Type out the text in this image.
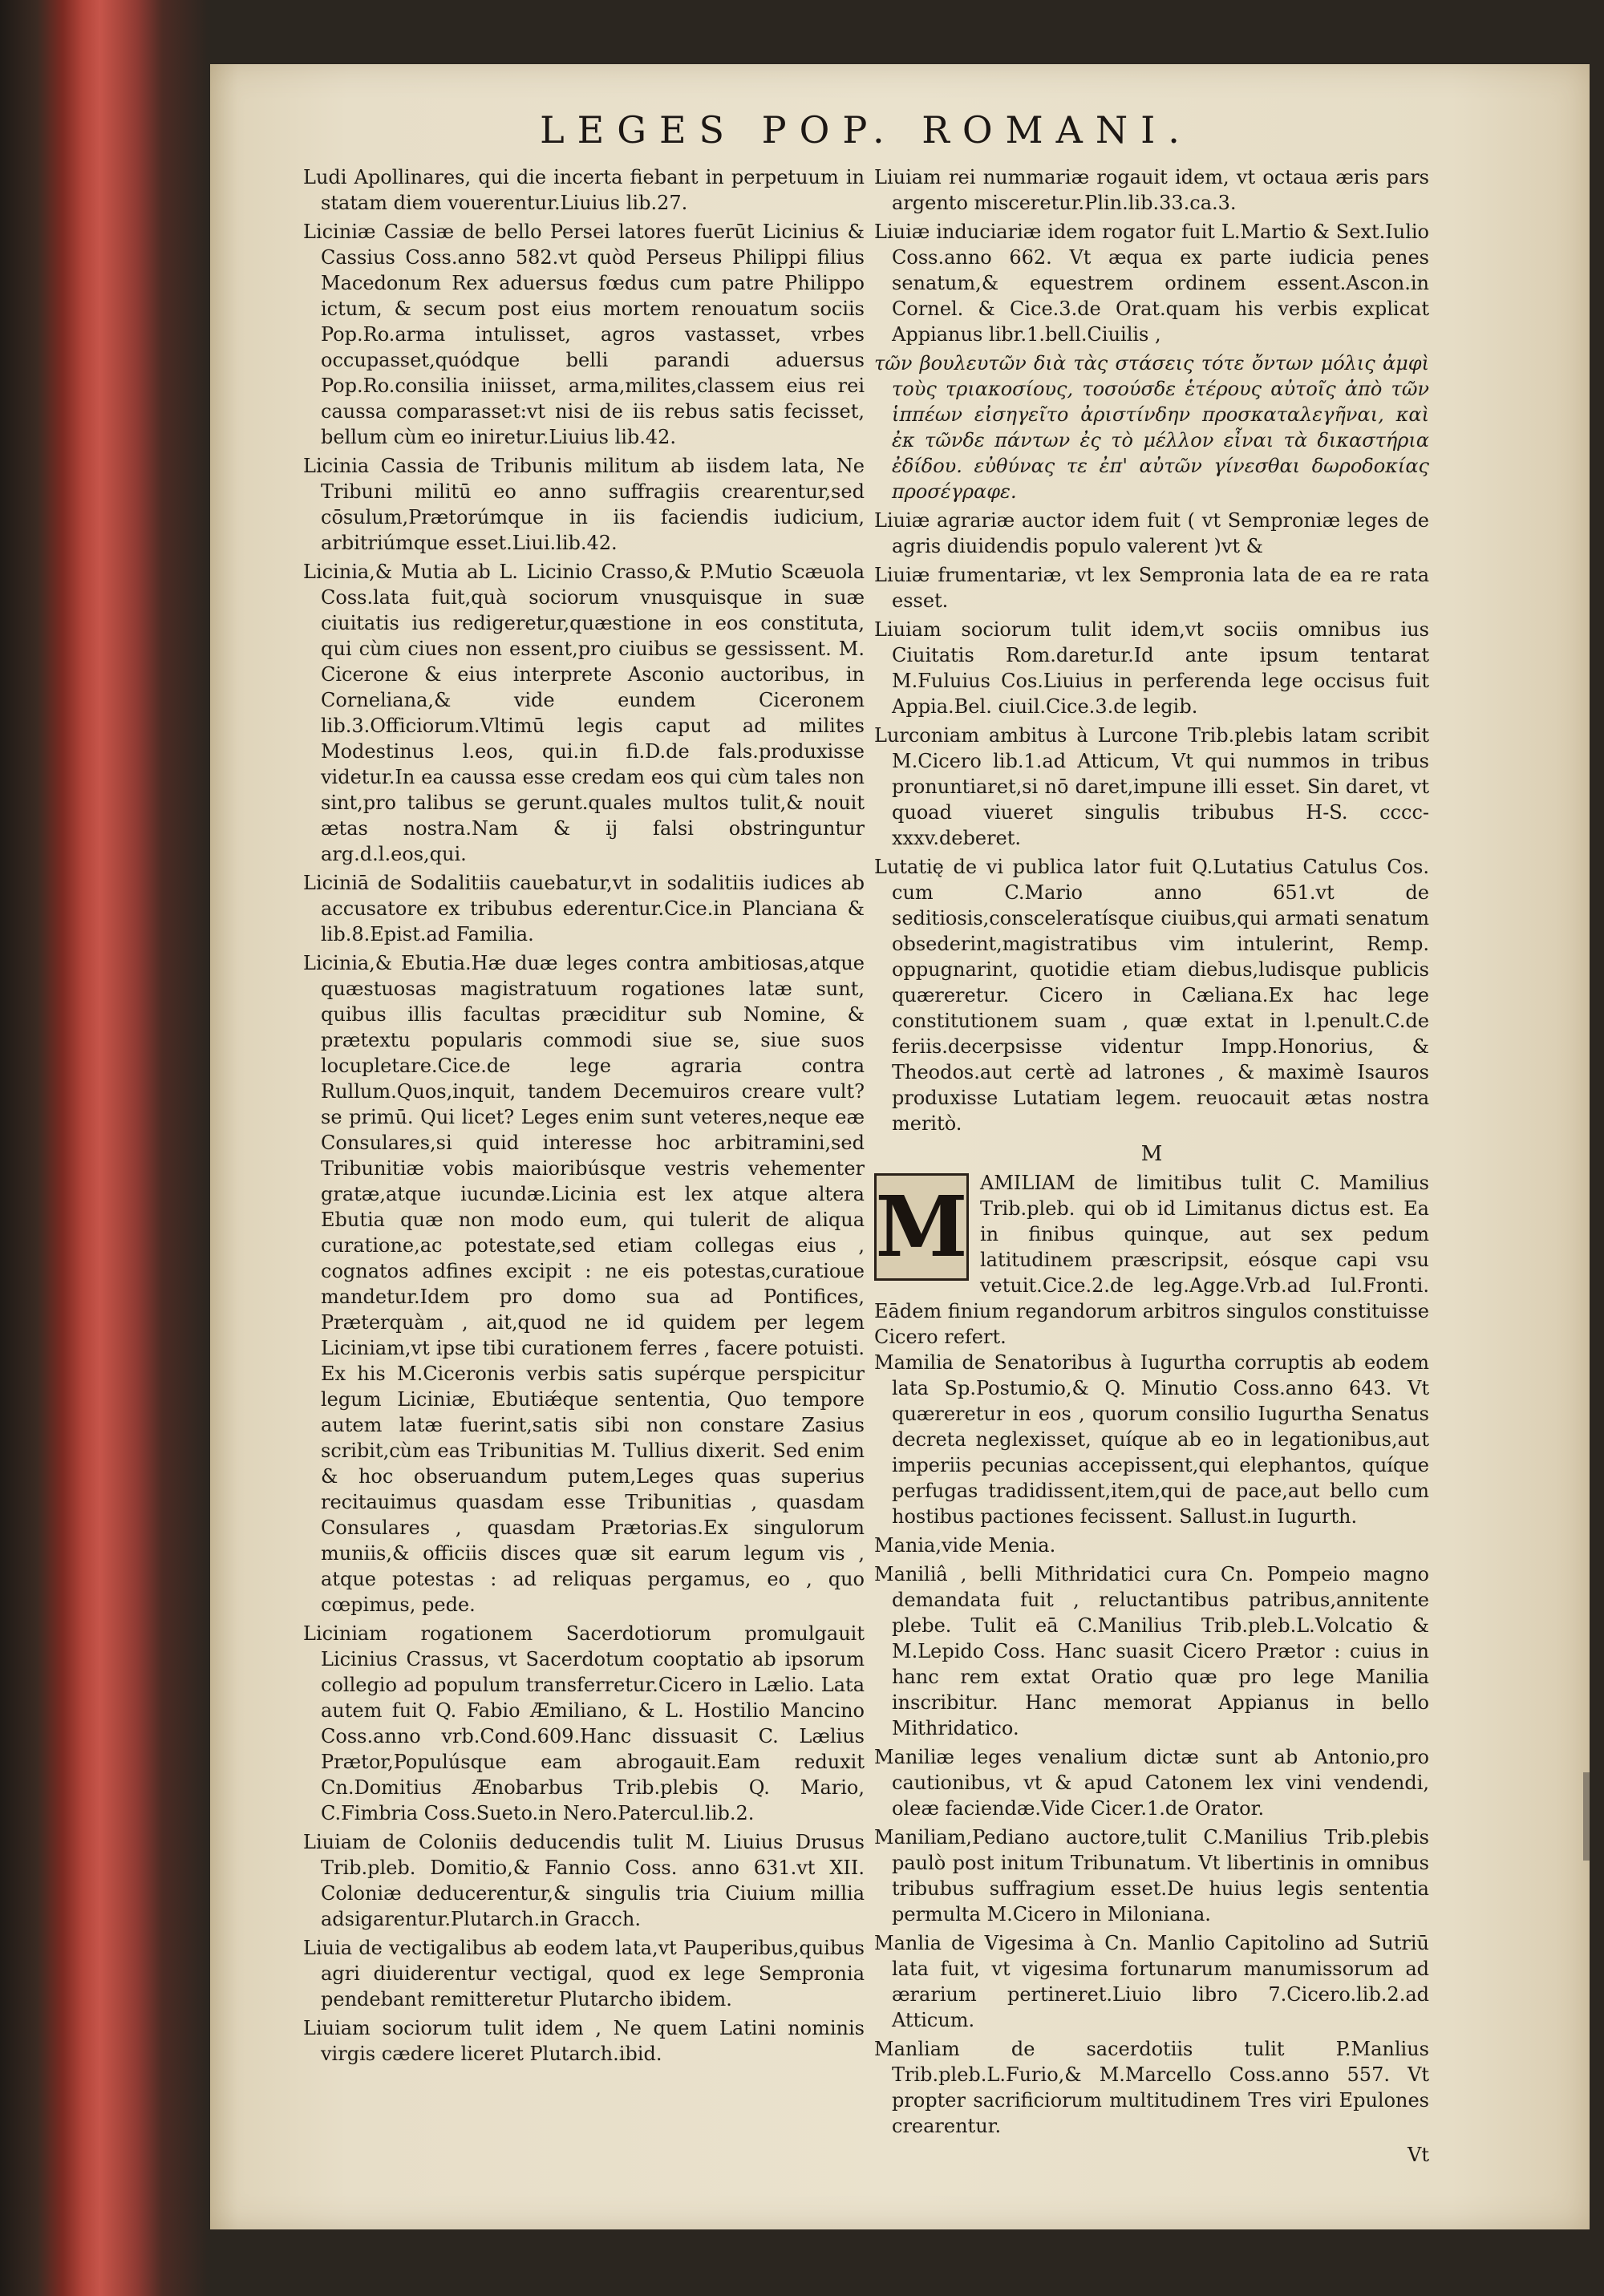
LEGES POP. ROMANI.

Ludi Apollinares, qui die incerta fiebant in perpetuum in statam diem vouerentur.Liuius lib.27.

Liciniæ Cassiæ de bello Persei latores fuerūt Licinius & Cassius Coss.anno 582.vt quòd Perseus Philippi filius Macedonum Rex aduersus fœdus cum patre Philippo ictum, & secum post eius mortem renouatum sociis Pop.Ro.arma intulisset, agros vastasset, vrbes occupasset,quódque belli parandi aduersus Pop.Ro.consilia iniisset, arma,milites,classem eius rei caussa comparasset:vt nisi de iis rebus satis fecisset, bellum cùm eo iniretur.Liuius lib.42.

Licinia Cassia de Tribunis militum ab iisdem lata, Ne Tribuni militū eo anno suffragiis crearentur,sed cōsulum,Prætorúmque in iis faciendis iudicium, arbitriúmque esset.Liui.lib.42.

Licinia,& Mutia ab L. Licinio Crasso,& P.Mutio Scæuola Coss.lata fuit,quà sociorum vnusquisque in suæ ciuitatis ius redigeretur,quæstione in eos constituta, qui cùm ciues non essent,pro ciuibus se gessissent. M. Cicerone & eius interprete Asconio auctoribus, in Corneliana,& vide eundem Ciceronem lib.3.Officiorum.Vltimū legis caput ad milites Modestinus l.eos, qui.in fi.D.de fals.produxisse videtur.In ea caussa esse credam eos qui cùm tales non sint,pro talibus se gerunt.quales multos tulit,& nouit ætas nostra.Nam & ij falsi obstringuntur arg.d.l.eos,qui.

Liciniā de Sodalitiis cauebatur,vt in sodalitiis iudices ab accusatore ex tribubus ederentur.Cice.in Planciana & lib.8.Epist.ad Familia.

Licinia,& Ebutia.Hæ duæ leges contra ambitiosas,atque quæstuosas magistratuum rogationes latæ sunt, quibus illis facultas præciditur sub Nomine, & prætextu popularis commodi siue se, siue suos locupletare.Cice.de lege agraria contra Rullum.Quos,inquit, tandem Decemuiros creare vult? se primū. Qui licet? Leges enim sunt veteres,neque eæ Consulares,si quid interesse hoc arbitramini,sed Tribunitiæ vobis maioribúsque vestris vehementer gratæ,atque iucundæ.Licinia est lex atque altera Ebutia quæ non modo eum, qui tulerit de aliqua curatione,ac potestate,sed etiam collegas eius , cognatos adfines excipit : ne eis potestas,curatioue mandetur.Idem pro domo sua ad Pontifices, Præterquàm , ait,quod ne id quidem per legem Liciniam,vt ipse tibi curationem ferres , facere potuisti. Ex his M.Ciceronis verbis satis supérque perspicitur legum Liciniæ, Ebutiǽque sententia, Quo tempore autem latæ fuerint,satis sibi non constare Zasius scribit,cùm eas Tribunitias M. Tullius dixerit. Sed enim & hoc obseruandum putem,Leges quas superius recitauimus quasdam esse Tribunitias , quasdam Consulares , quasdam Prætorias.Ex singulorum muniis,& officiis disces quæ sit earum legum vis , atque potestas : ad reliquas pergamus, eo , quo cœpimus, pede.

Liciniam rogationem Sacerdotiorum promulgauit Licinius Crassus, vt Sacerdotum cooptatio ab ipsorum collegio ad populum transferretur.Cicero in Lælio. Lata autem fuit Q. Fabio Æmiliano, & L. Hostilio Mancino Coss.anno vrb.Cond.609.Hanc dissuasit C. Lælius Prætor,Populúsque eam abrogauit.Eam reduxit Cn.Domitius Ænobarbus Trib.plebis Q. Mario, C.Fimbria Coss.Sueto.in Nero.Patercul.lib.2.

Liuiam de Coloniis deducendis tulit M. Liuius Drusus Trib.pleb. Domitio,& Fannio Coss. anno 631.vt XII. Coloniæ deducerentur,& singulis tria Ciuium millia adsigarentur.Plutarch.in Gracch.

Liuia de vectigalibus ab eodem lata,vt Pauperibus,quibus agri diuiderentur vectigal, quod ex lege Sempronia pendebant remitteretur Plutarcho ibidem.

Liuiam sociorum tulit idem , Ne quem Latini nominis virgis cædere liceret Plutarch.ibid.

Liuiam rei nummariæ rogauit idem, vt octaua æris pars argento misceretur.Plin.lib.33.ca.3.

Liuiæ induciariæ idem rogator fuit L.Martio & Sext.Iulio Coss.anno 662. Vt æqua ex parte iudicia penes senatum,& equestrem ordinem essent.Ascon.in Cornel. & Cice.3.de Orat.quam his verbis explicat Appianus libr.1.bell.Ciuilis ,

τῶν βουλευτῶν διὰ τὰς στάσεις τότε ὄντων μόλις ἀμφὶ τοὺς τριακοσίους, τοσούσδε ἑτέρους αὐτοῖς ἀπὸ τῶν ἱππέων εἰσηγεῖτο ἀριστίνδην προσκαταλεγῆναι, καὶ ἐκ τῶνδε πάντων ἐς τὸ μέλλον εἶναι τὰ δικαστήρια ἐδίδου. εὐθύνας τε ἐπ' αὐτῶν γίνεσθαι δωροδοκίας προσέγραφε.

Liuiæ agrariæ auctor idem fuit ( vt Semproniæ leges de agris diuidendis populo valerent )vt &

Liuiæ frumentariæ, vt lex Sempronia lata de ea re rata esset.

Liuiam sociorum tulit idem,vt sociis omnibus ius Ciuitatis Rom.daretur.Id ante ipsum tentarat M.Fuluius Cos.Liuius in perferenda lege occisus fuit Appia.Bel. ciuil.Cice.3.de legib.

Lurconiam ambitus à Lurcone Trib.plebis latam scribit M.Cicero lib.1.ad Atticum, Vt qui nummos in tribus pronuntiaret,si nō daret,impune illi esset. Sin daret, vt quoad viueret singulis tribubus H-S. cccc-xxxv.deberet.

Lutatię de vi publica lator fuit Q.Lutatius Catulus Cos. cum C.Mario anno 651.vt de seditiosis,consceleratísque ciuibus,qui armati senatum obsederint,magistratibus vim intulerint, Remp. oppugnarint, quotidie etiam diebus,ludisque publicis quæreretur. Cicero in Cæliana.Ex hac lege constitutionem suam , quæ extat in l.penult.C.de feriis.decerpsisse videntur Impp.Honorius, & Theodos.aut certè ad latrones , & maximè Isauros produxisse Lutatiam legem. reuocauit ætas nostra meritò.

M
M AMILIAM de limitibus tulit C. Mamilius Trib.pleb. qui ob id Limitanus dictus est. Ea in finibus quinque, aut sex pedum latitudinem præscripsit, eósque capi vsu vetuit.Cice.2.de leg.Agge.Vrb.ad Iul.Fronti. Eādem finium regandorum arbitros singulos constituisse Cicero refert.

Mamilia de Senatoribus à Iugurtha corruptis ab eodem lata Sp.Postumio,& Q. Minutio Coss.anno 643. Vt quæreretur in eos , quorum consilio Iugurtha Senatus decreta neglexisset, quíque ab eo in legationibus,aut imperiis pecunias accepissent,qui elephantos, quíque perfugas tradidissent,item,qui de pace,aut bello cum hostibus pactiones fecissent. Sallust.in Iugurth.

Mania,vide Menia.

Maniliâ , belli Mithridatici cura Cn. Pompeio magno demandata fuit , reluctantibus patribus,annitente plebe. Tulit eā C.Manilius Trib.pleb.L.Volcatio & M.Lepido Coss. Hanc suasit Cicero Prætor : cuius in hanc rem extat Oratio quæ pro lege Manilia inscribitur. Hanc memorat Appianus in bello Mithridatico.

Maniliæ leges venalium dictæ sunt ab Antonio,pro cautionibus, vt & apud Catonem lex vini vendendi, oleæ faciendæ.Vide Cicer.1.de Orator.

Maniliam,Pediano auctore,tulit C.Manilius Trib.plebis paulò post initum Tribunatum. Vt libertinis in omnibus tribubus suffragium esset.De huius legis sententia permulta M.Cicero in Miloniana.

Manlia de Vigesima à Cn. Manlio Capitolino ad Sutriū lata fuit, vt vigesima fortunarum manumissorum ad ærarium pertineret.Liuio libro 7.Cicero.lib.2.ad Atticum.

Manliam de sacerdotiis tulit P.Manlius Trib.pleb.L.Furio,& M.Marcello Coss.anno 557. Vt propter sacrificiorum multitudinem Tres viri Epulones crearentur.

Vt
